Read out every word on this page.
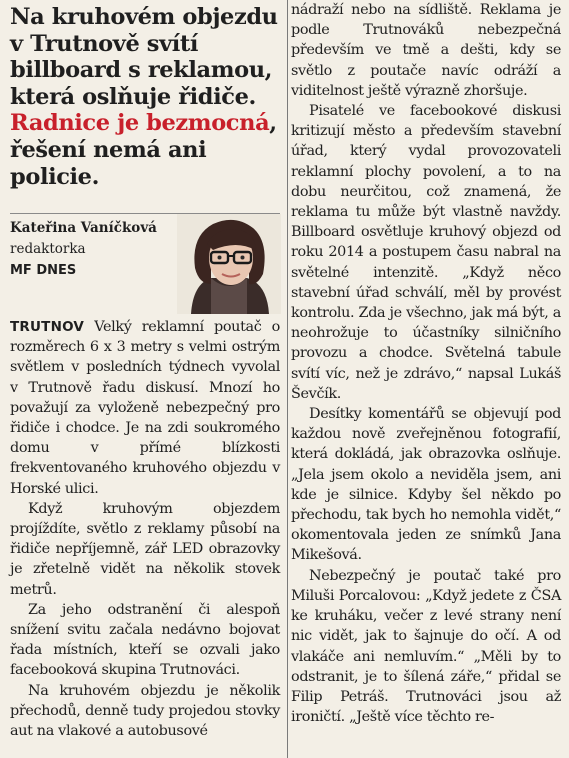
Na kruhovém objezdu v Trutnově svítí billboard s reklamou, která oslňuje řidiče. Radnice je bezmocná, řešení nemá ani policie.
Kateřina Vaníčková
redaktorka
MF DNES

TRUTNOV Velký reklamní poutač o rozměrech 6 x 3 metry s velmi ostrým světlem v posledních týdnech vyvolal v Trutnově řadu diskusí. Mnozí ho považují za vyloženě nebezpečný pro řidiče i chodce. Je na zdi soukromého domu v přímé blízkosti frekventovaného kruhového objezdu v Horské ulici.

Když kruhovým objezdem projíždíte, světlo z reklamy působí na řidiče nepříjemně, zář LED obrazovky je zřetelně vidět na několik stovek metrů.

Za jeho odstranění či alespoň snížení svitu začala nedávno bojovat řada místních, kteří se ozvali jako facebooková skupina Trutnováci.

Na kruhovém objezdu je několik přechodů, denně tudy projedou stovky aut na vlakové a autobusové

nádraží nebo na sídliště. Reklama je podle Trutnováků nebezpečná především ve tmě a dešti, kdy se světlo z poutače navíc odráží a viditelnost ještě výrazně zhoršuje.

Pisatelé ve facebookové diskusi kritizují město a především stavební úřad, který vydal provozovateli reklamní plochy povolení, a to na dobu neurčitou, což znamená, že reklama tu může být vlastně navždy. Billboard osvětluje kruhový objezd od roku 2014 a postupem času nabral na světelné intenzitě. „Když něco stavební úřad schválí, měl by provést kontrolu. Zda je všechno, jak má být, a neohrožuje to účastníky silničního provozu a chodce. Světelná tabule svítí víc, než je zdrávo,“ napsal Lukáš Ševčík.

Desítky komentářů se objevují pod každou nově zveřejněnou fotografií, která dokládá, jak obrazovka oslňuje. „Jela jsem okolo a neviděla jsem, ani kde je silnice. Kdyby šel někdo po přechodu, tak bych ho nemohla vidět,“ okomentovala jeden ze snímků Jana Mikešová.

Nebezpečný je poutač také pro Miluši Porcalovou: „Když jedete z ČSA ke kruháku, večer z levé strany není nic vidět, jak to šajnuje do očí. A od vlakáče ani nemluvím.“ „Měli by to odstranit, je to šílená záře,“ přidal se Filip Petráš. Trutnováci jsou až ironičtí. „Ještě více těchto re-
